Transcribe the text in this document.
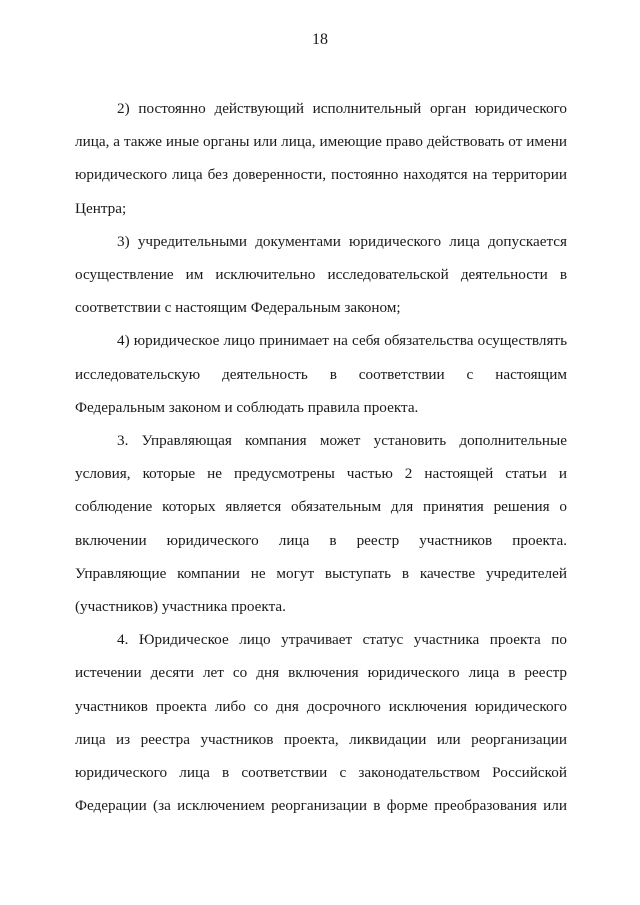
18
2) постоянно действующий исполнительный орган юридического
лица, а также иные органы или лица, имеющие право действовать от имени
юридического лица без доверенности, постоянно находятся на территории
Центра;
3) учредительными документами юридического лица допускается
осуществление им исключительно исследовательской деятельности в
соответствии с настоящим Федеральным законом;
4) юридическое лицо принимает на себя обязательства осуществлять
исследовательскую деятельность в соответствии с настоящим
Федеральным законом и соблюдать правила проекта.
3. Управляющая компания может установить дополнительные
условия, которые не предусмотрены частью 2 настоящей статьи и
соблюдение которых является обязательным для принятия решения о
включении юридического лица в реестр участников проекта.
Управляющие компании не могут выступать в качестве учредителей
(участников) участника проекта.
4. Юридическое лицо утрачивает статус участника проекта по
истечении десяти лет со дня включения юридического лица в реестр
участников проекта либо со дня досрочного исключения юридического
лица из реестра участников проекта, ликвидации или реорганизации
юридического лица в соответствии с законодательством Российской
Федерации (за исключением реорганизации в форме преобразования или
